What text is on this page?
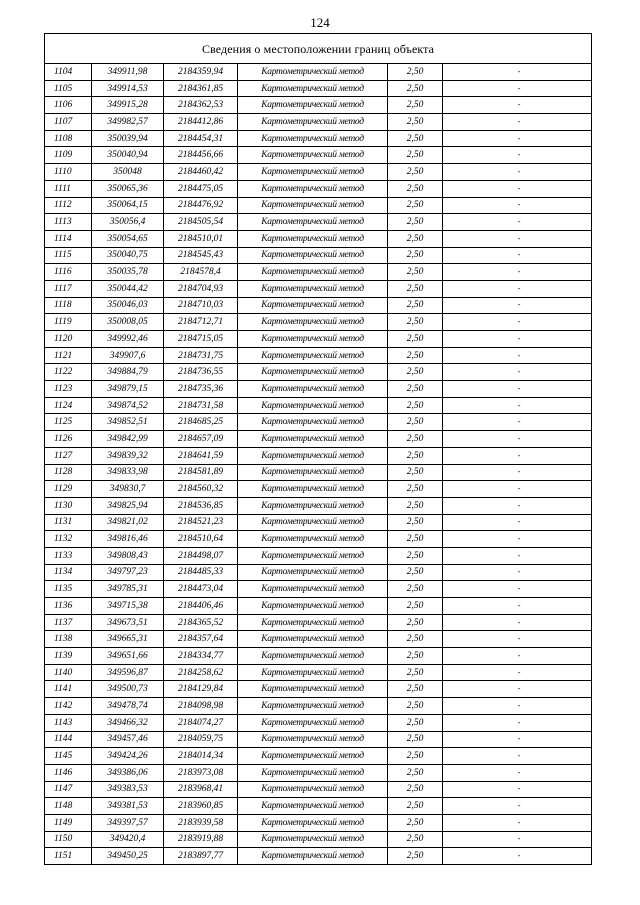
124
Сведения о местоположении границ объекта					
1104	349911,98	2184359,94	Картометрический метод	2,50	-
1105	349914,53	2184361,85	Картометрический метод	2,50	-
1106	349915,28	2184362,53	Картометрический метод	2,50	-
1107	349982,57	2184412,86	Картометрический метод	2,50	-
1108	350039,94	2184454,31	Картометрический метод	2,50	-
1109	350040,94	2184456,66	Картометрический метод	2,50	-
1110	350048	2184460,42	Картометрический метод	2,50	-
1111	350065,36	2184475,05	Картометрический метод	2,50	-
1112	350064,15	2184476,92	Картометрический метод	2,50	-
1113	350056,4	2184505,54	Картометрический метод	2,50	-
1114	350054,65	2184510,01	Картометрический метод	2,50	-
1115	350040,75	2184545,43	Картометрический метод	2,50	-
1116	350035,78	2184578,4	Картометрический метод	2,50	-
1117	350044,42	2184704,93	Картометрический метод	2,50	-
1118	350046,03	2184710,03	Картометрический метод	2,50	-
1119	350008,05	2184712,71	Картометрический метод	2,50	-
1120	349992,46	2184715,05	Картометрический метод	2,50	-
1121	349907,6	2184731,75	Картометрический метод	2,50	-
1122	349884,79	2184736,55	Картометрический метод	2,50	-
1123	349879,15	2184735,36	Картометрический метод	2,50	-
1124	349874,52	2184731,58	Картометрический метод	2,50	-
1125	349852,51	2184685,25	Картометрический метод	2,50	-
1126	349842,99	2184657,09	Картометрический метод	2,50	-
1127	349839,32	2184641,59	Картометрический метод	2,50	-
1128	349833,98	2184581,89	Картометрический метод	2,50	-
1129	349830,7	2184560,32	Картометрический метод	2,50	-
1130	349825,94	2184536,85	Картометрический метод	2,50	-
1131	349821,02	2184521,23	Картометрический метод	2,50	-
1132	349816,46	2184510,64	Картометрический метод	2,50	-
1133	349808,43	2184498,07	Картометрический метод	2,50	-
1134	349797,23	2184485,33	Картометрический метод	2,50	-
1135	349785,31	2184473,04	Картометрический метод	2,50	-
1136	349715,38	2184406,46	Картометрический метод	2,50	-
1137	349673,51	2184365,52	Картометрический метод	2,50	-
1138	349665,31	2184357,64	Картометрический метод	2,50	-
1139	349651,66	2184334,77	Картометрический метод	2,50	-
1140	349596,87	2184258,62	Картометрический метод	2,50	-
1141	349500,73	2184129,84	Картометрический метод	2,50	-
1142	349478,74	2184098,98	Картометрический метод	2,50	-
1143	349466,32	2184074,27	Картометрический метод	2,50	-
1144	349457,46	2184059,75	Картометрический метод	2,50	-
1145	349424,26	2184014,34	Картометрический метод	2,50	-
1146	349386,06	2183973,08	Картометрический метод	2,50	-
1147	349383,53	2183968,41	Картометрический метод	2,50	-
1148	349381,53	2183960,85	Картометрический метод	2,50	-
1149	349397,57	2183939,58	Картометрический метод	2,50	-
1150	349420,4	2183919,88	Картометрический метод	2,50	-
1151	349450,25	2183897,77	Картометрический метод	2,50	-
